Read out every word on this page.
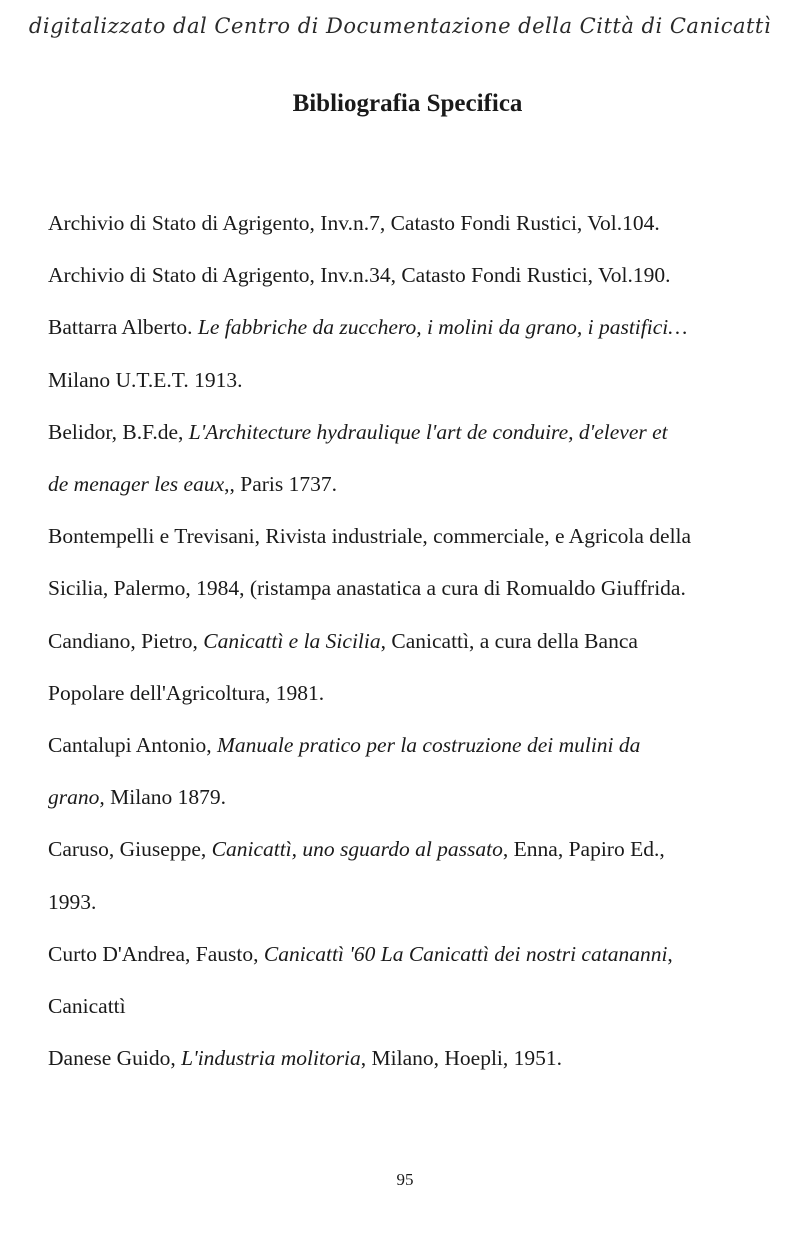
digitalizzato dal Centro di Documentazione della Città di Canicattì
Bibliografia Specifica
Archivio di Stato di Agrigento, Inv.n.7, Catasto Fondi Rustici, Vol.104.
Archivio di Stato di Agrigento, Inv.n.34, Catasto Fondi Rustici, Vol.190.
Battarra Alberto. Le fabbriche da zucchero, i molini da grano, i pastifici…
Milano U.T.E.T. 1913.
Belidor, B.F.de, L'Architecture hydraulique l'art de conduire, d'elever et
de menager les eaux,, Paris 1737.
Bontempelli e Trevisani, Rivista industriale, commerciale, e Agricola della
Sicilia, Palermo, 1984, (ristampa anastatica a cura di Romualdo Giuffrida.
Candiano, Pietro, Canicattì e la Sicilia, Canicattì, a cura della Banca
Popolare dell'Agricoltura, 1981.
Cantalupi Antonio, Manuale pratico per la costruzione dei mulini da
grano, Milano 1879.
Caruso, Giuseppe, Canicattì, uno sguardo al passato, Enna, Papiro Ed.,
1993.
Curto D'Andrea, Fausto, Canicattì '60 La Canicattì dei nostri catananni,
Canicattì
Danese Guido, L'industria molitoria, Milano, Hoepli, 1951.
95
